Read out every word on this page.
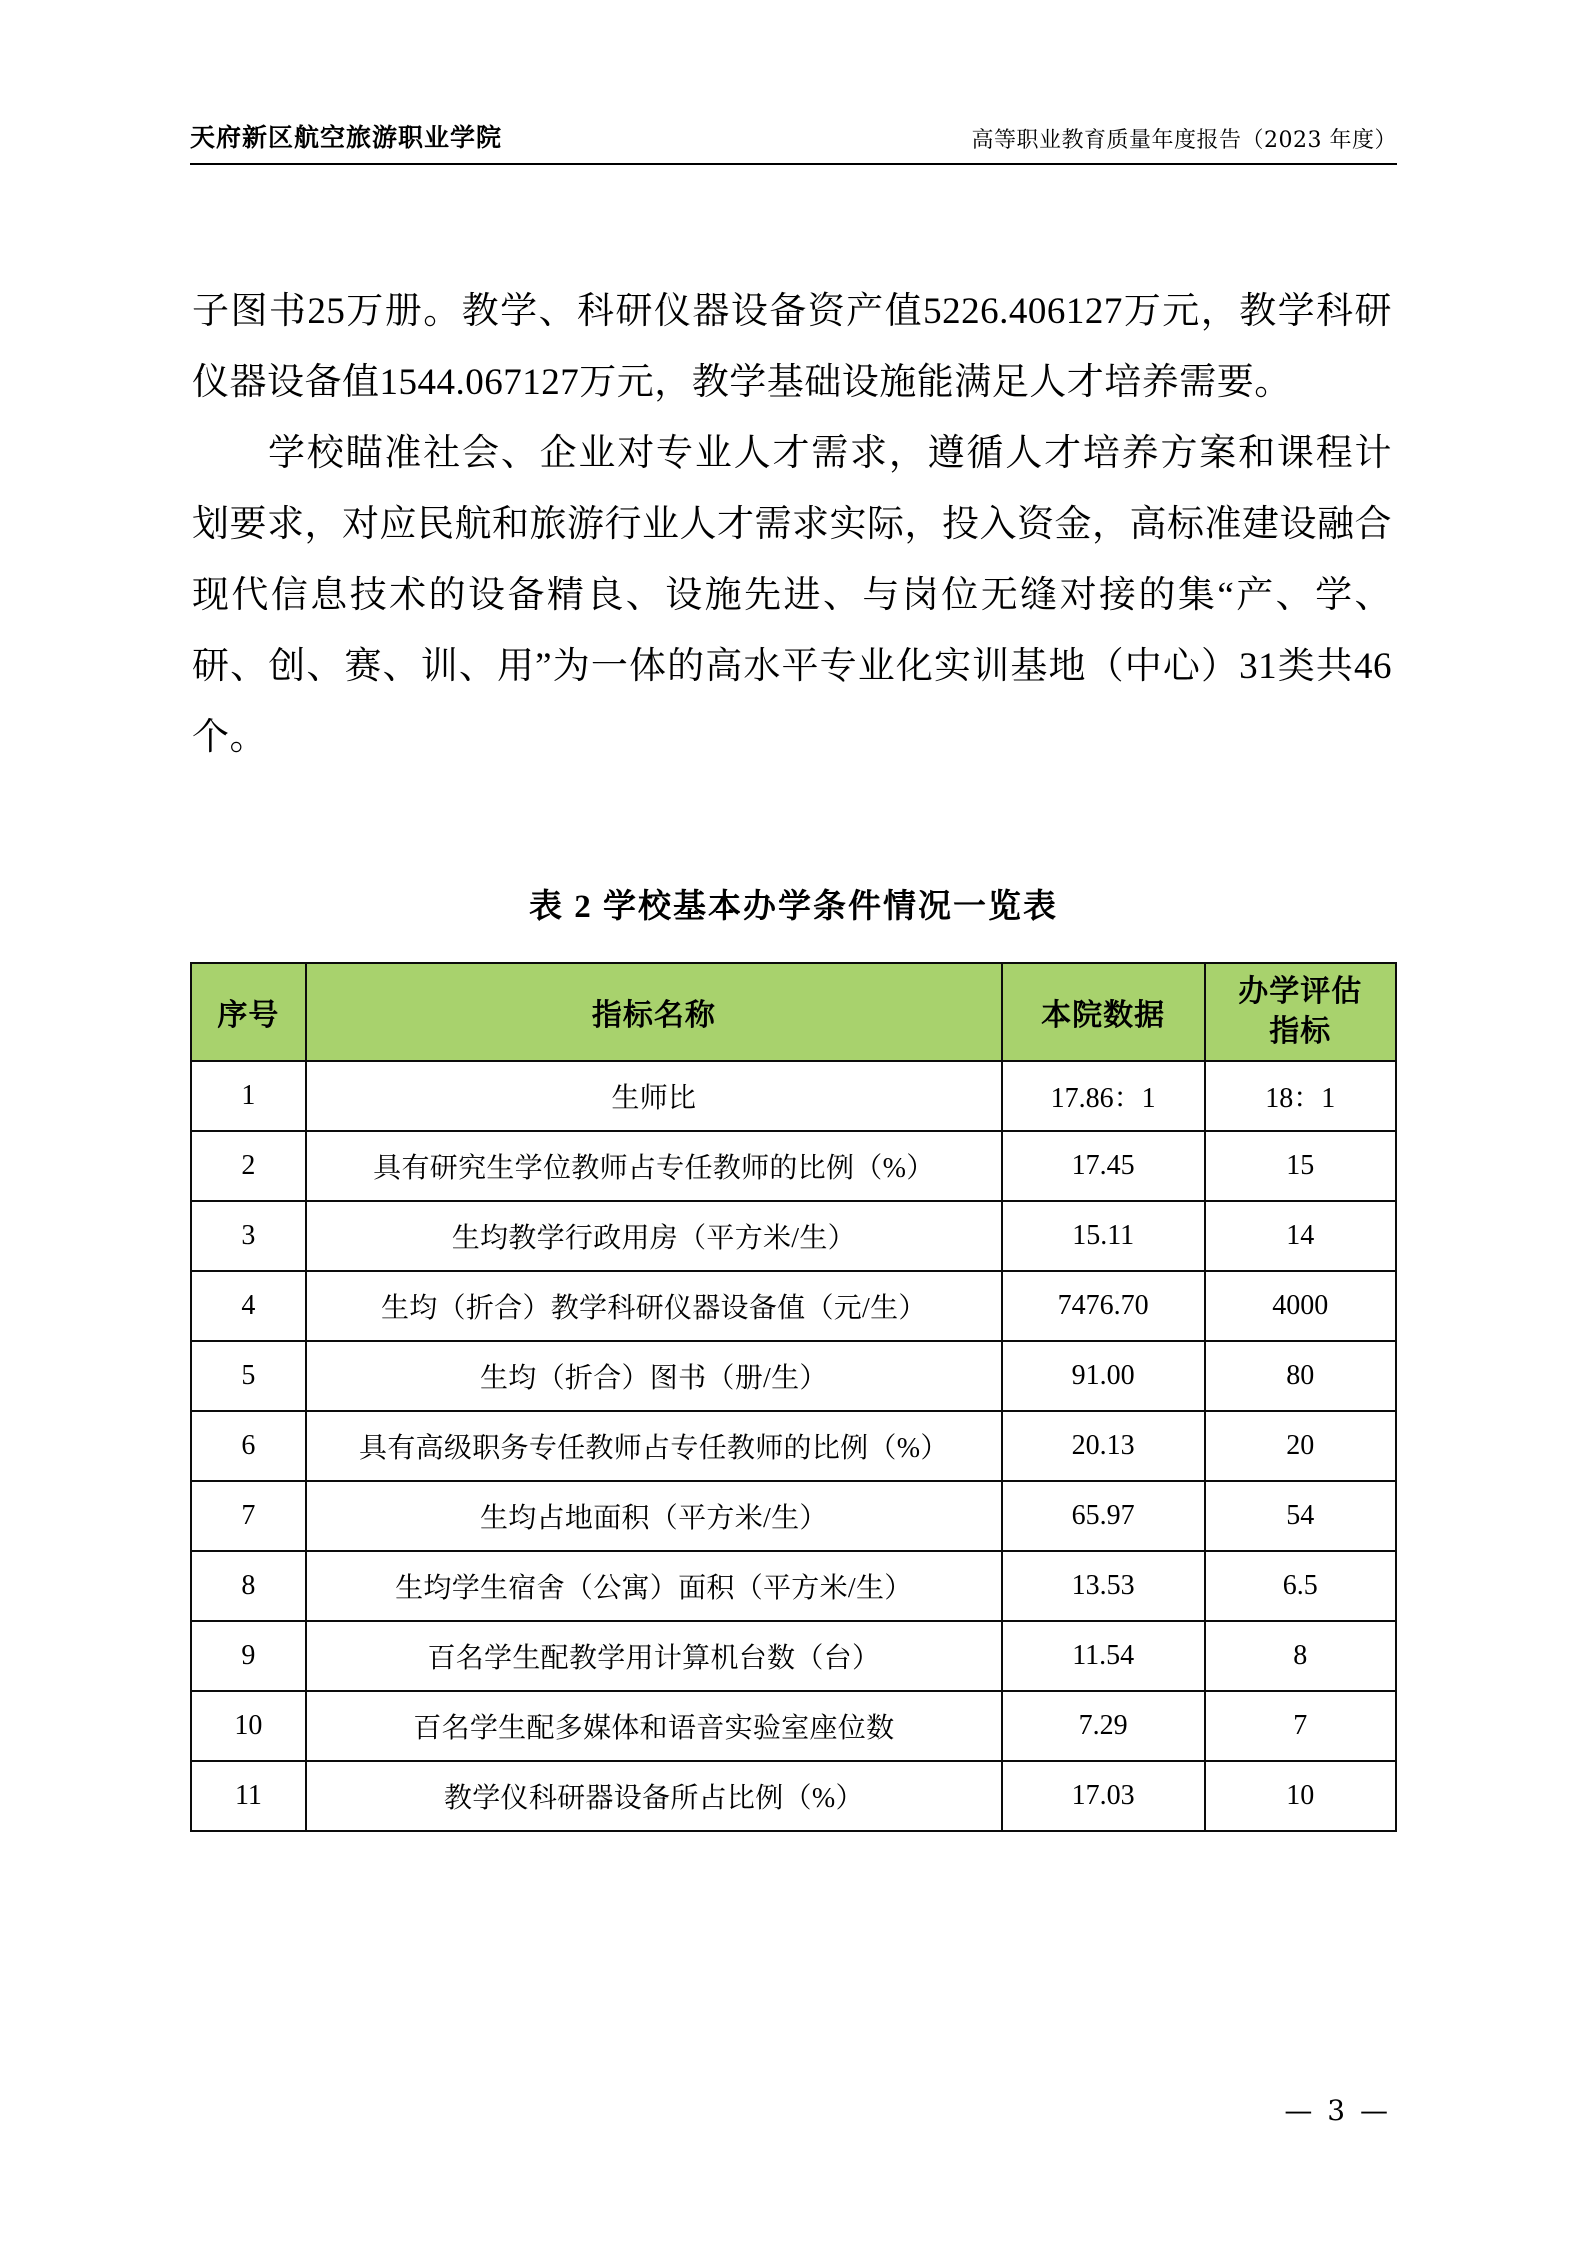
天府新区航空旅游职业学院	高等职业教育质量年度报告（2023 年度）

子图书25万册。教学、科研仪器设备资产值5226.406127万元，教学科研仪器设备值1544.067127万元，教学基础设施能满足人才培养需要。

学校瞄准社会、企业对专业人才需求，遵循人才培养方案和课程计划要求，对应民航和旅游行业人才需求实际，投入资金，高标准建设融合现代信息技术的设备精良、设施先进、与岗位无缝对接的集“产、学、研、创、赛、训、用”为一体的高水平专业化实训基地（中心）31类共46个。

表 2 学校基本办学条件情况一览表
序号	指标名称	本院数据	办学评估
指标

1	生师比	17.86：1	18：1
2	具有研究生学位教师占专任教师的比例（%）	17.45	15
3	生均教学行政用房（平方米/生）	15.11	14
4	生均（折合）教学科研仪器设备值（元/生）	7476.70	4000
5	生均（折合）图书（册/生）	91.00	80
6	具有高级职务专任教师占专任教师的比例（%）	20.13	20
7	生均占地面积（平方米/生）	65.97	54
8	生均学生宿舍（公寓）面积（平方米/生）	13.53	6.5
9	百名学生配教学用计算机台数（台）	11.54	8
10	百名学生配多媒体和语音实验室座位数	7.29	7
11	教学仪科研器设备所占比例（%）	17.03	10
— 3 —
